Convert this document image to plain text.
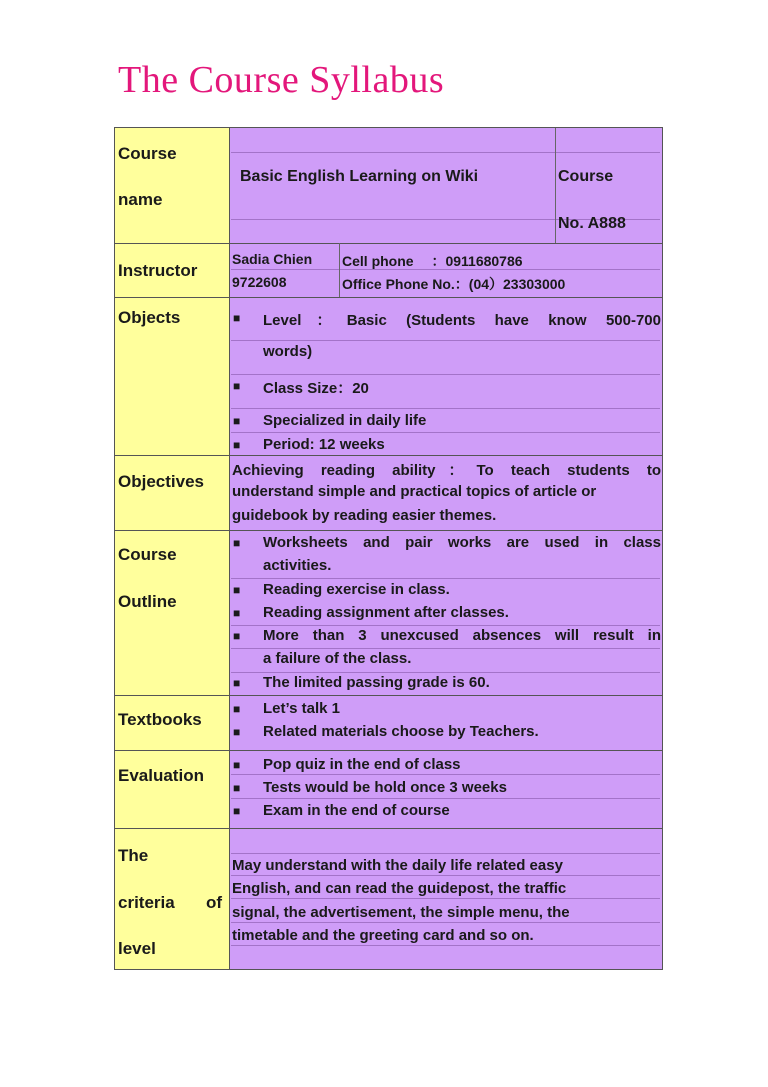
The Course Syllabus
Course
name
Basic English Learning on Wiki	Course
No. A888
Instructor
Sadia Chien
9722608
Cell phone 　：0911680786
Office Phone No.：(04）23303000
Objects	■ Level：Basic (Students have know 500-700
words)
■ Class Size：20
■ Specialized in daily life
■ Period: 12 weeks
Objectives
Achieving reading ability：To teach students to
understand simple and practical topics of article or
guidebook by reading easier themes.
Course
Outline
■ Worksheets and pair works are used in class
activities.
■ Reading exercise in class.
■ Reading assignment after classes.
■ More than 3 unexcused absences will result in
a failure of the class.
■ The limited passing grade is 60.
Textbooks
■ Let’s talk 1
■ Related materials choose by Teachers.
Evaluation
■ Pop quiz in the end of class
■ Tests would be hold once 3 weeks
■ Exam in the end of course
The
criteria of
level
May understand with the daily life related easy
English, and can read the guidepost, the traffic
signal, the advertisement, the simple menu, the
timetable and the greeting card and so on.
